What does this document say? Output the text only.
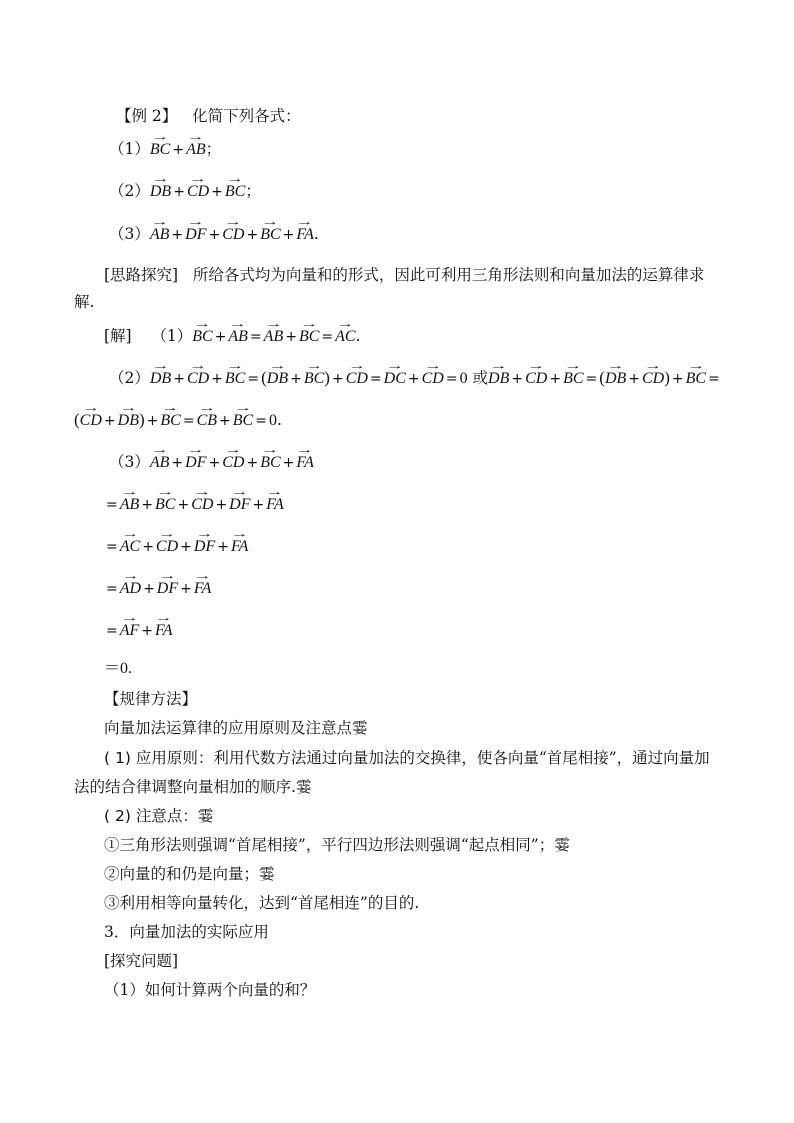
【例 2】 化简下列各式：
（1）→ BC + → AB；
（2）→ DB + → CD + → BC；
（3）→ AB + → DF + → CD + → BC + → FA.
[思路探究] 所给各式均为向量和的形式，因此可利用三角形法则和向量加法的运算律求
解.
[解] （1）→ BC + → AB = → AB + → BC = → AC.
（2）→ DB + → CD + → BC = (→ DB + → BC) + → CD = → DC + → CD = 0 或→ DB + → CD + → BC = (→ DB + → CD) + → BC =
(→ CD + → DB) + → BC = → CB + → BC = 0.
（3）→ AB + → DF + → CD + → BC + → FA
= → AB + → BC + → CD + → DF + → FA
= → AC + → CD + → DF + → FA
= → AD + → DF + → FA
= → AF + → FA
＝0.
【规律方法】
向量加法运算律的应用原则及注意点霎
( 1) 应用原则：利用代数方法通过向量加法的交换律，使各向量“首尾相接”，通过向量加
法的结合律调整向量相加的顺序.霎
( 2) 注意点：霎
①三角形法则强调“首尾相接”，平行四边形法则强调“起点相同”；霎
②向量的和仍是向量；霎
③利用相等向量转化，达到“首尾相连”的目的.
3．向量加法的实际应用
[探究问题]
（1）如何计算两个向量的和？
